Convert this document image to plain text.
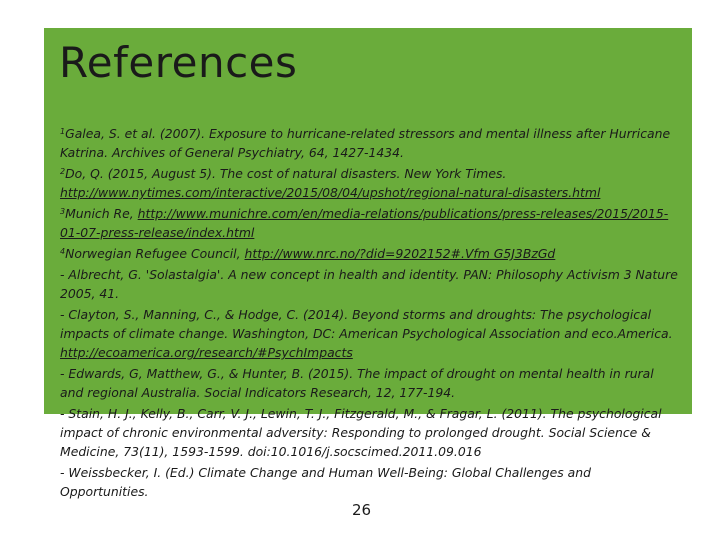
References

$^1$Galea, S. et al. (2007). Exposure to hurricane-related stressors and mental illness after Hurricane Katrina. Archives of General Psychiatry, 64, 1427-1434.

$^2$Do, Q. (2015, August 5). The cost of natural disasters. New York Times. http://www.nytimes.com/interactive/2015/08/04/upshot/regional-natural-disasters.html

$^3$Munich Re, http://www.munichre.com/en/media-relations/publications/press-releases/2015/2015-01-07-press-release/index.html

$^4$Norwegian Refugee Council, http://www.nrc.no/?did=9202152#.Vfm G5J3BzGd

- Albrecht, G. 'Solastalgia'. A new concept in health and identity. PAN: Philosophy Activism 3 Nature 2005, 41.

- Clayton, S., Manning, C., & Hodge, C. (2014). Beyond storms and droughts: The psychological impacts of climate change. Washington, DC: American Psychological Association and eco.America. http://ecoamerica.org/research/#PsychImpacts

- Edwards, G, Matthew, G., & Hunter, B. (2015). The impact of drought on mental health in rural and regional Australia. Social Indicators Research, 12, 177-194.

- Stain, H. J., Kelly, B., Carr, V. J., Lewin, T. J., Fitzgerald, M., & Fragar, L. (2011). The psychological impact of chronic environmental adversity: Responding to prolonged drought. Social Science & Medicine, 73(11), 1593-1599. doi:10.1016/j.socscimed.2011.09.016

- Weissbecker, I. (Ed.) Climate Change and Human Well-Being: Global Challenges and Opportunities.

26
